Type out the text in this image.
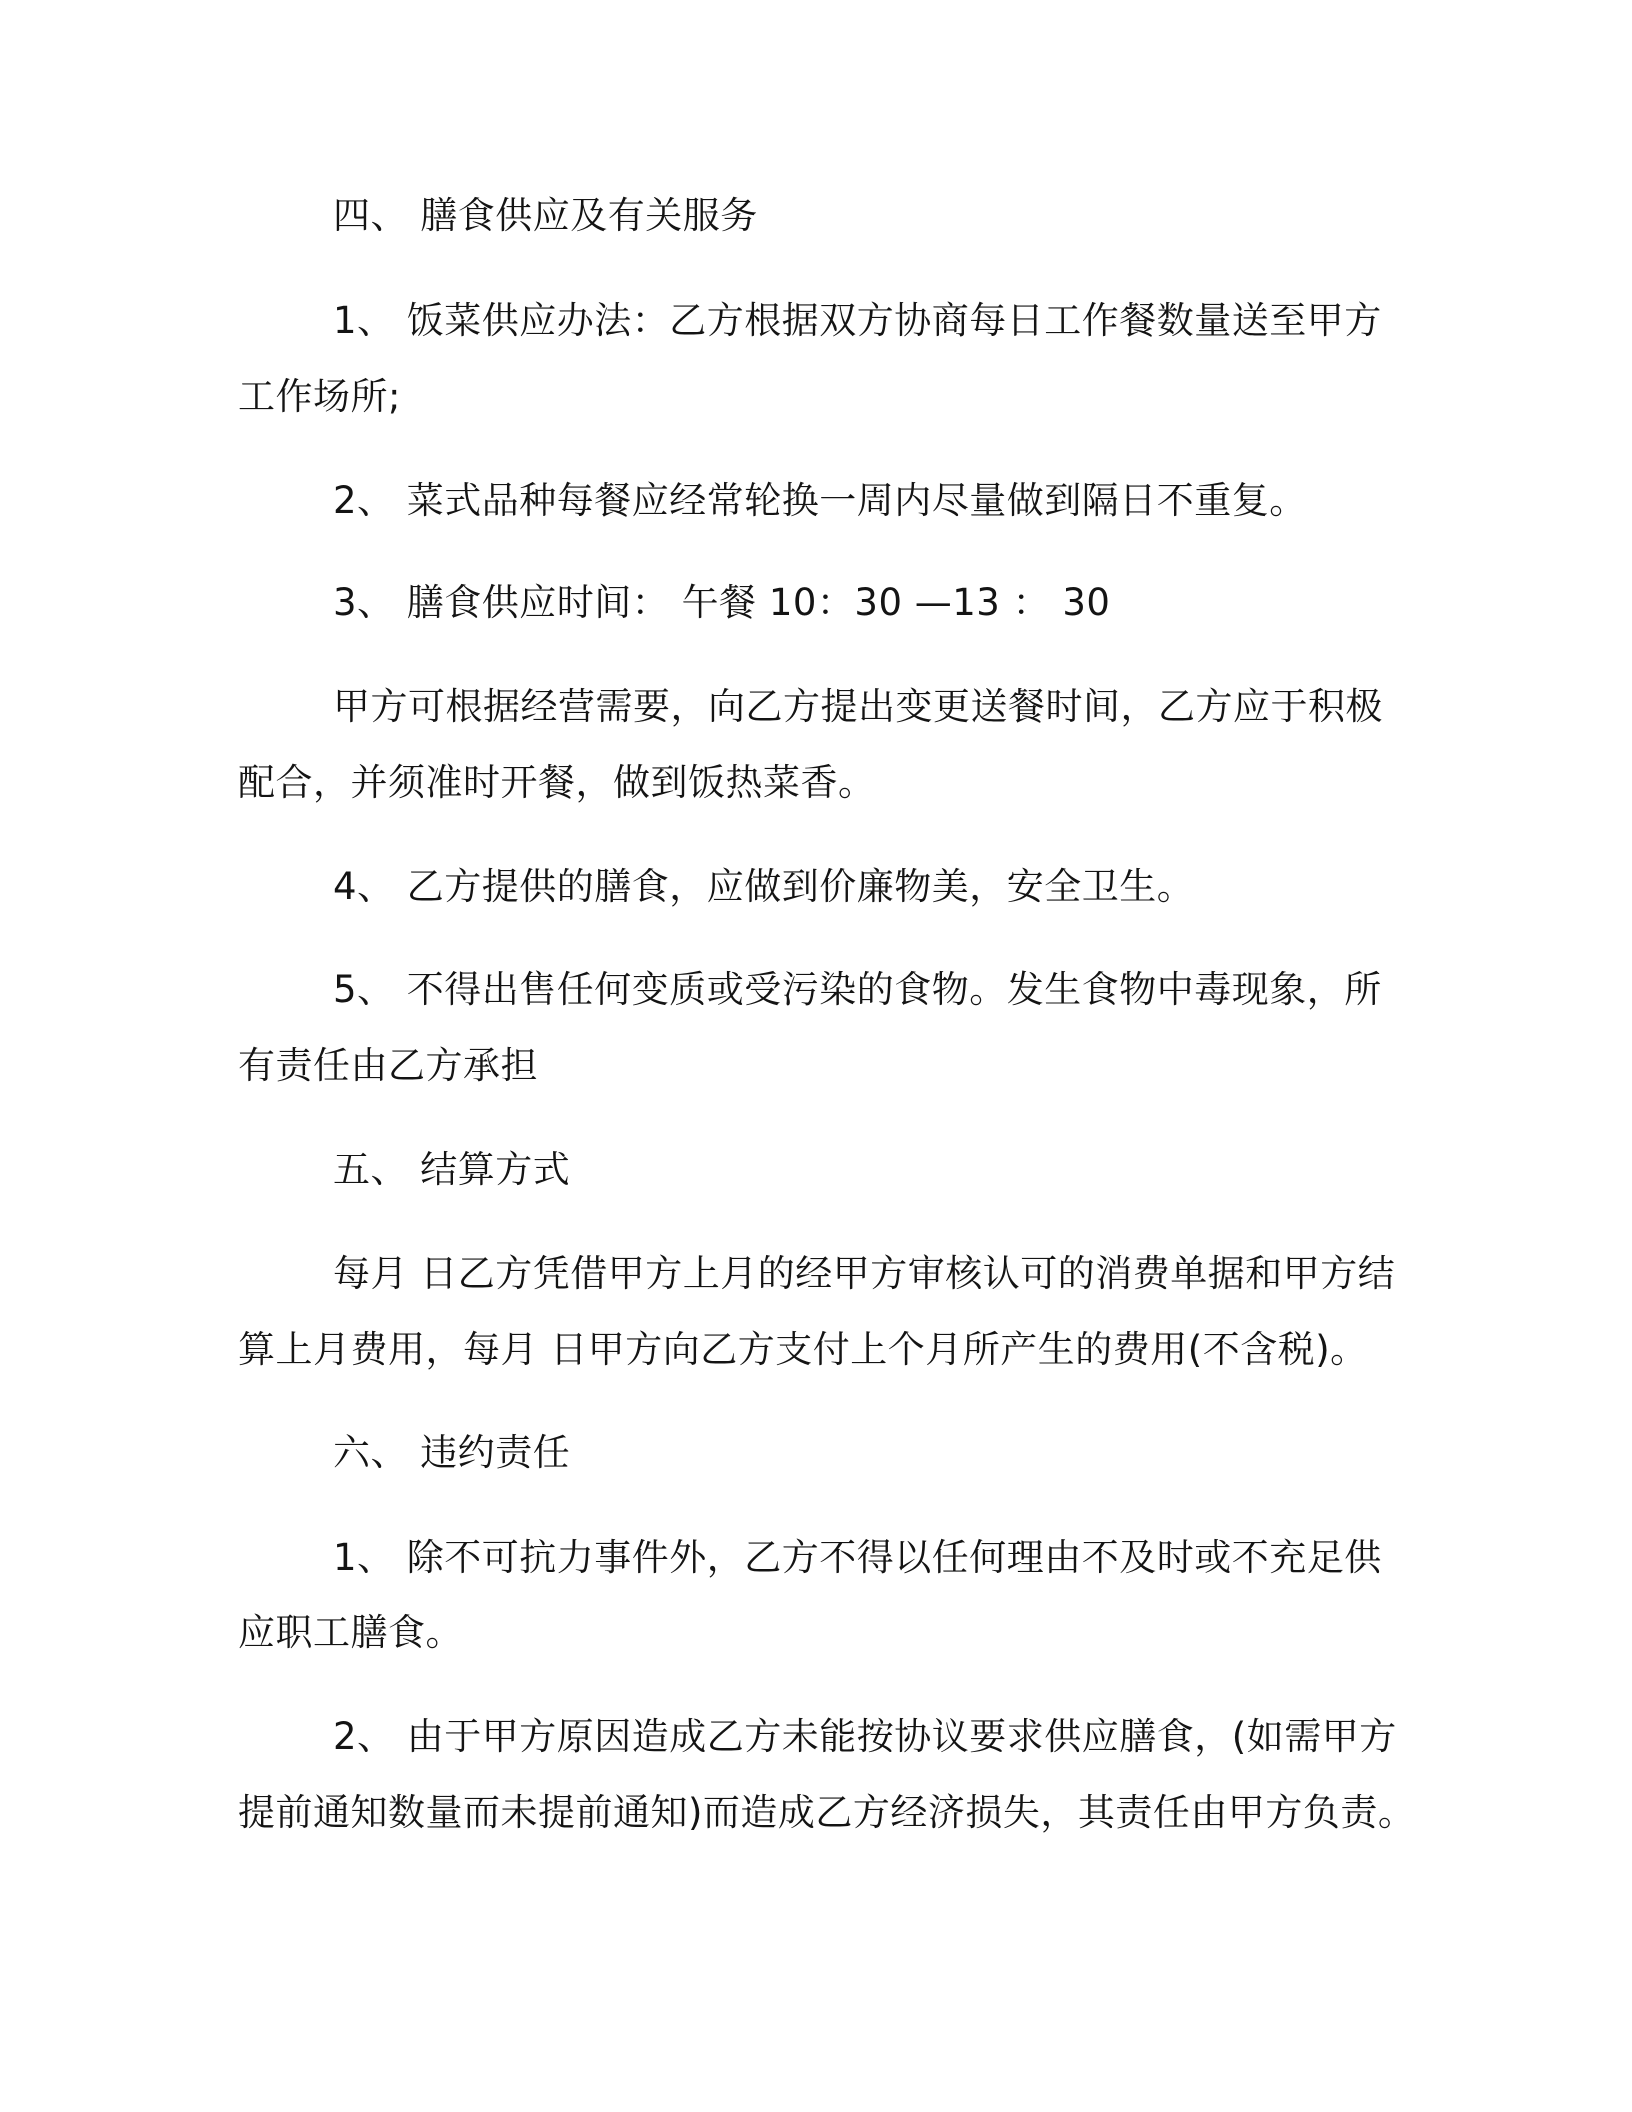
四、 膳食供应及有关服务
1、 饭菜供应办法：乙方根据双方协商每日工作餐数量送至甲方
工作场所;
2、 菜式品种每餐应经常轮换一周内尽量做到隔日不重复。
3、 膳食供应时间： 午餐 10：30 —13 ： 30
甲方可根据经营需要，向乙方提出变更送餐时间，乙方应于积极
配合，并须准时开餐，做到饭热菜香。
4、 乙方提供的膳食，应做到价廉物美，安全卫生。
5、 不得出售任何变质或受污染的食物。发生食物中毒现象，所
有责任由乙方承担
五、 结算方式
每月 日乙方凭借甲方上月的经甲方审核认可的消费单据和甲方结
算上月费用，每月 日甲方向乙方支付上个月所产生的费用(不含税)。
六、 违约责任
1、 除不可抗力事件外，乙方不得以任何理由不及时或不充足供
应职工膳食。
2、 由于甲方原因造成乙方未能按协议要求供应膳食，(如需甲方
提前通知数量而未提前通知)而造成乙方经济损失，其责任由甲方负责。
